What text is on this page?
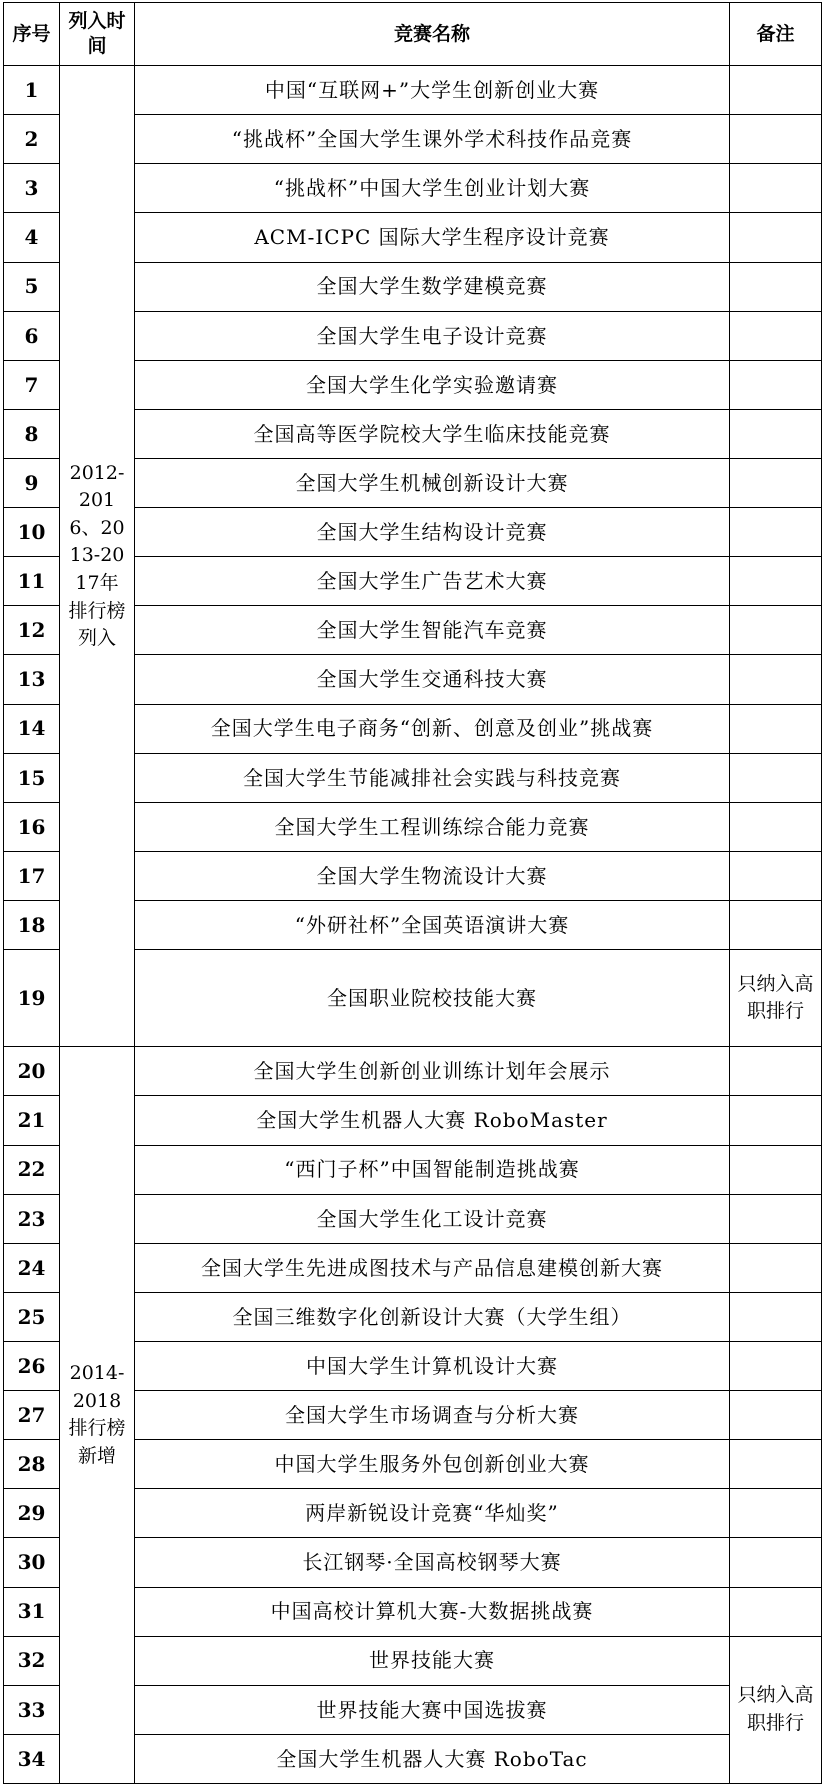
序号	列入时间	竞赛名称	备注
1	2012-2016、2013-2017年排行榜列入	中国“互联网+”大学生创新创业大赛	
2		“挑战杯”全国大学生课外学术科技作品竞赛	
3		“挑战杯”中国大学生创业计划大赛	
4		ACM-ICPC 国际大学生程序设计竞赛	
5		全国大学生数学建模竞赛	
6		全国大学生电子设计竞赛	
7		全国大学生化学实验邀请赛	
8		全国高等医学院校大学生临床技能竞赛	
9		全国大学生机械创新设计大赛	
10		全国大学生结构设计竞赛	
11		全国大学生广告艺术大赛	
12		全国大学生智能汽车竞赛	
13		全国大学生交通科技大赛	
14		全国大学生电子商务“创新、创意及创业”挑战赛	
15		全国大学生节能减排社会实践与科技竞赛	
16		全国大学生工程训练综合能力竞赛	
17		全国大学生物流设计大赛	
18		“外研社杯”全国英语演讲大赛	
19		全国职业院校技能大赛	只纳入高职排行
20	2014-2018排行榜新增	全国大学生创新创业训练计划年会展示	
21		全国大学生机器人大赛 RoboMaster	
22		“西门子杯”中国智能制造挑战赛	
23		全国大学生化工设计竞赛	
24		全国大学生先进成图技术与产品信息建模创新大赛	
25		全国三维数字化创新设计大赛（大学生组）	
26		中国大学生计算机设计大赛	
27		全国大学生市场调查与分析大赛	
28		中国大学生服务外包创新创业大赛	
29		两岸新锐设计竞赛“华灿奖”	
30		长江钢琴·全国高校钢琴大赛	
31		中国高校计算机大赛-大数据挑战赛	
32		世界技能大赛	只纳入高职排行
33		世界技能大赛中国选拔赛	
34		全国大学生机器人大赛 RoboTac	
